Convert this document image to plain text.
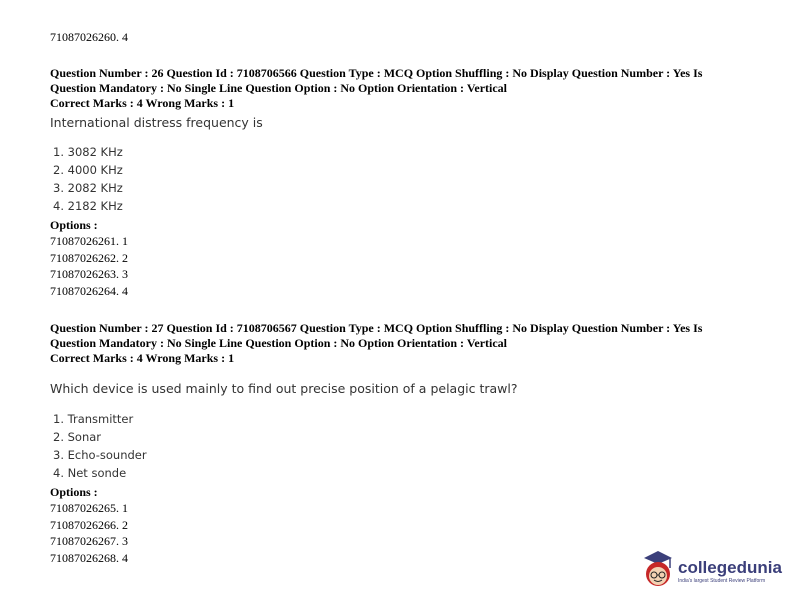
71087026260. 4
Question Number : 26 Question Id : 7108706566 Question Type : MCQ Option Shuffling : No Display Question Number : Yes Is
Question Mandatory : No Single Line Question Option : No Option Orientation : Vertical
Correct Marks : 4 Wrong Marks : 1
International distress frequency is
1. 3082 KHz
2. 4000 KHz
3. 2082 KHz
4. 2182 KHz
Options :
71087026261. 1
71087026262. 2
71087026263. 3
71087026264. 4
Question Number : 27 Question Id : 7108706567 Question Type : MCQ Option Shuffling : No Display Question Number : Yes Is
Question Mandatory : No Single Line Question Option : No Option Orientation : Vertical
Correct Marks : 4 Wrong Marks : 1
Which device is used mainly to find out precise position of a pelagic trawl?
1. Transmitter
2. Sonar
3. Echo-sounder
4. Net sonde
Options :
71087026265. 1
71087026266. 2
71087026267. 3
71087026268. 4	collegedunia
India's largest Student Review Platform
